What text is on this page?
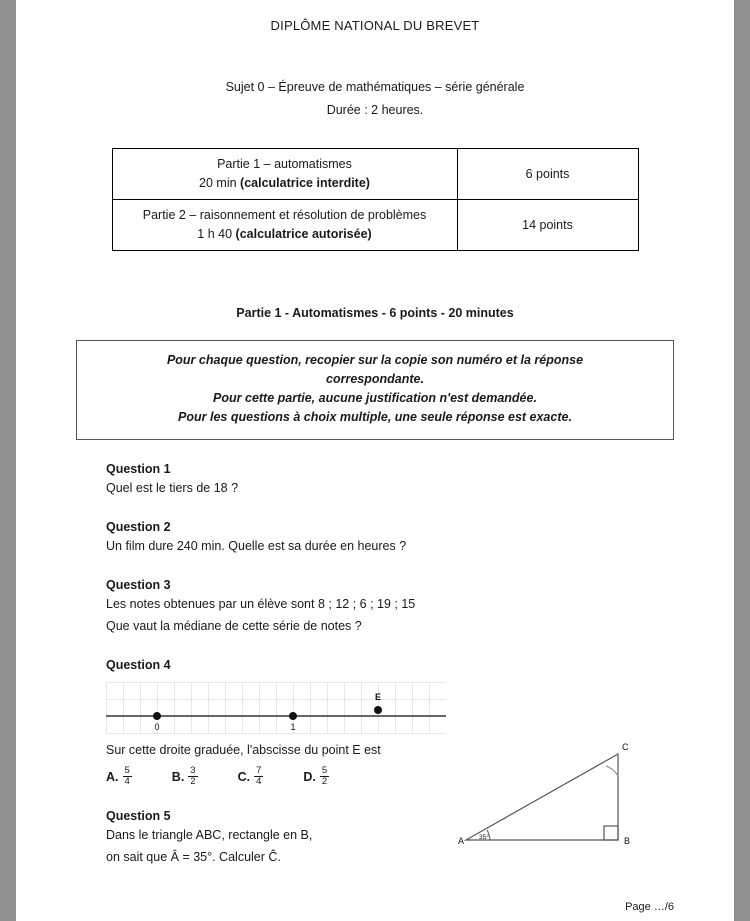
DIPLÔME NATIONAL DU BREVET
Sujet 0 – Épreuve de mathématiques – série générale
Durée : 2 heures.
Partie 1 – automatismes
20 min (calculatrice interdite)	6 points
Partie 2 – raisonnement et résolution de problèmes
1 h 40 (calculatrice autorisée)	14 points
Partie 1 - Automatismes - 6 points - 20 minutes
Pour chaque question, recopier sur la copie son numéro et la réponse
correspondante.
Pour cette partie, aucune justification n'est demandée.
Pour les questions à choix multiple, une seule réponse est exacte.
Question 1
Quel est le tiers de 18 ?
Question 2
Un film dure 240 min. Quelle est sa durée en heures ?
Question 3
Les notes obtenues par un élève sont 8 ; 12 ; 6 ; 19 ; 15
Que vaut la médiane de cette série de notes ?
Question 4
0	1
E
Sur cette droite graduée, l'abscisse du point E est
A. $\frac{5}{4}$	B. $\frac{3}{2}$	C. $\frac{7}{4}$	D. $\frac{5}{2}$
Question 5
Dans le triangle ABC, rectangle en B,
on sait que Â = 35°. Calculer Ĉ.
A	B
C
35°
Page …/6
